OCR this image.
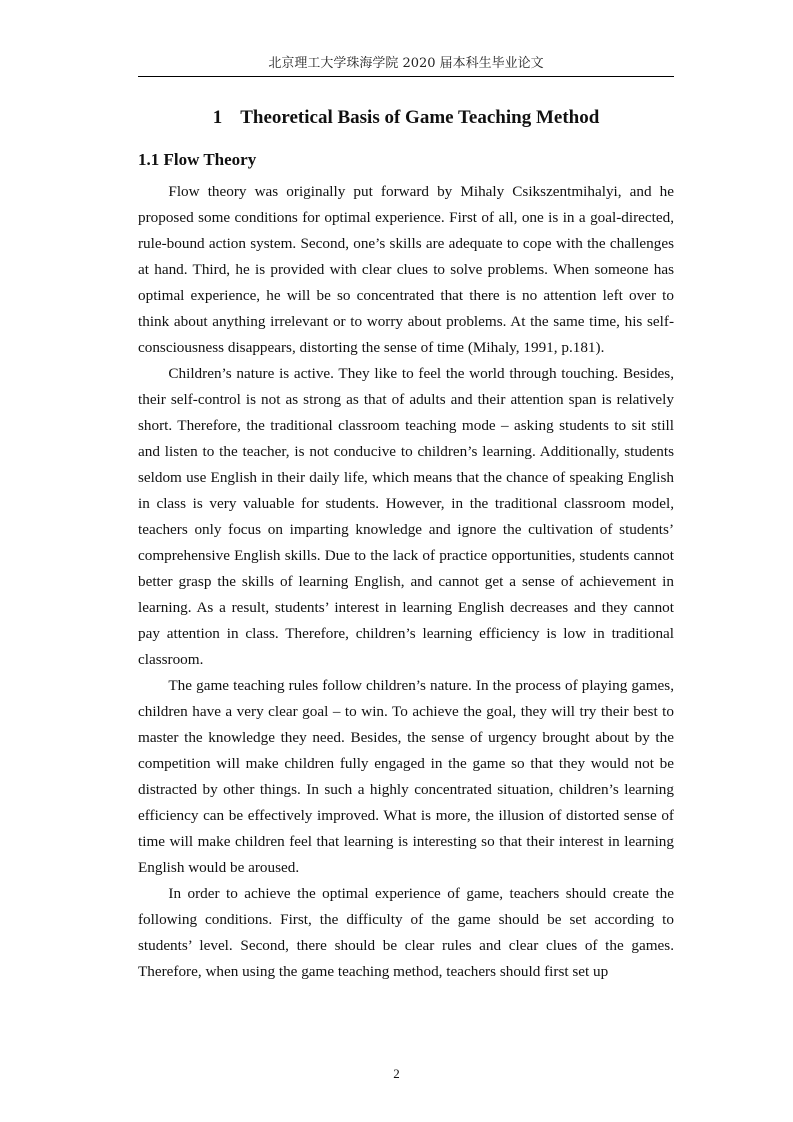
北京理工大学珠海学院 2020 届本科生毕业论文
1 Theoretical Basis of Game Teaching Method
1.1 Flow Theory

Flow theory was originally put forward by Mihaly Csikszentmihalyi, and he proposed some conditions for optimal experience. First of all, one is in a goal-directed, rule-bound action system. Second, one’s skills are adequate to cope with the challenges at hand. Third, he is provided with clear clues to solve problems. When someone has optimal experience, he will be so concentrated that there is no attention left over to think about anything irrelevant or to worry about problems. At the same time, his self-consciousness disappears, distorting the sense of time (Mihaly, 1991, p.181).

Children’s nature is active. They like to feel the world through touching. Besides, their self-control is not as strong as that of adults and their attention span is relatively short. Therefore, the traditional classroom teaching mode – asking students to sit still and listen to the teacher, is not conducive to children’s learning. Additionally, students seldom use English in their daily life, which means that the chance of speaking English in class is very valuable for students. However, in the traditional classroom model, teachers only focus on imparting knowledge and ignore the cultivation of students’ comprehensive English skills. Due to the lack of practice opportunities, students cannot better grasp the skills of learning English, and cannot get a sense of achievement in learning. As a result, students’ interest in learning English decreases and they cannot pay attention in class. Therefore, children’s learning efficiency is low in traditional classroom.

The game teaching rules follow children’s nature. In the process of playing games, children have a very clear goal – to win. To achieve the goal, they will try their best to master the knowledge they need. Besides, the sense of urgency brought about by the competition will make children fully engaged in the game so that they would not be distracted by other things. In such a highly concentrated situation, children’s learning efficiency can be effectively improved. What is more, the illusion of distorted sense of time will make children feel that learning is interesting so that their interest in learning English would be aroused.

In order to achieve the optimal experience of game, teachers should create the following conditions. First, the difficulty of the game should be set according to students’ level. Second, there should be clear rules and clear clues of the games. Therefore, when using the game teaching method, teachers should first set up

2
